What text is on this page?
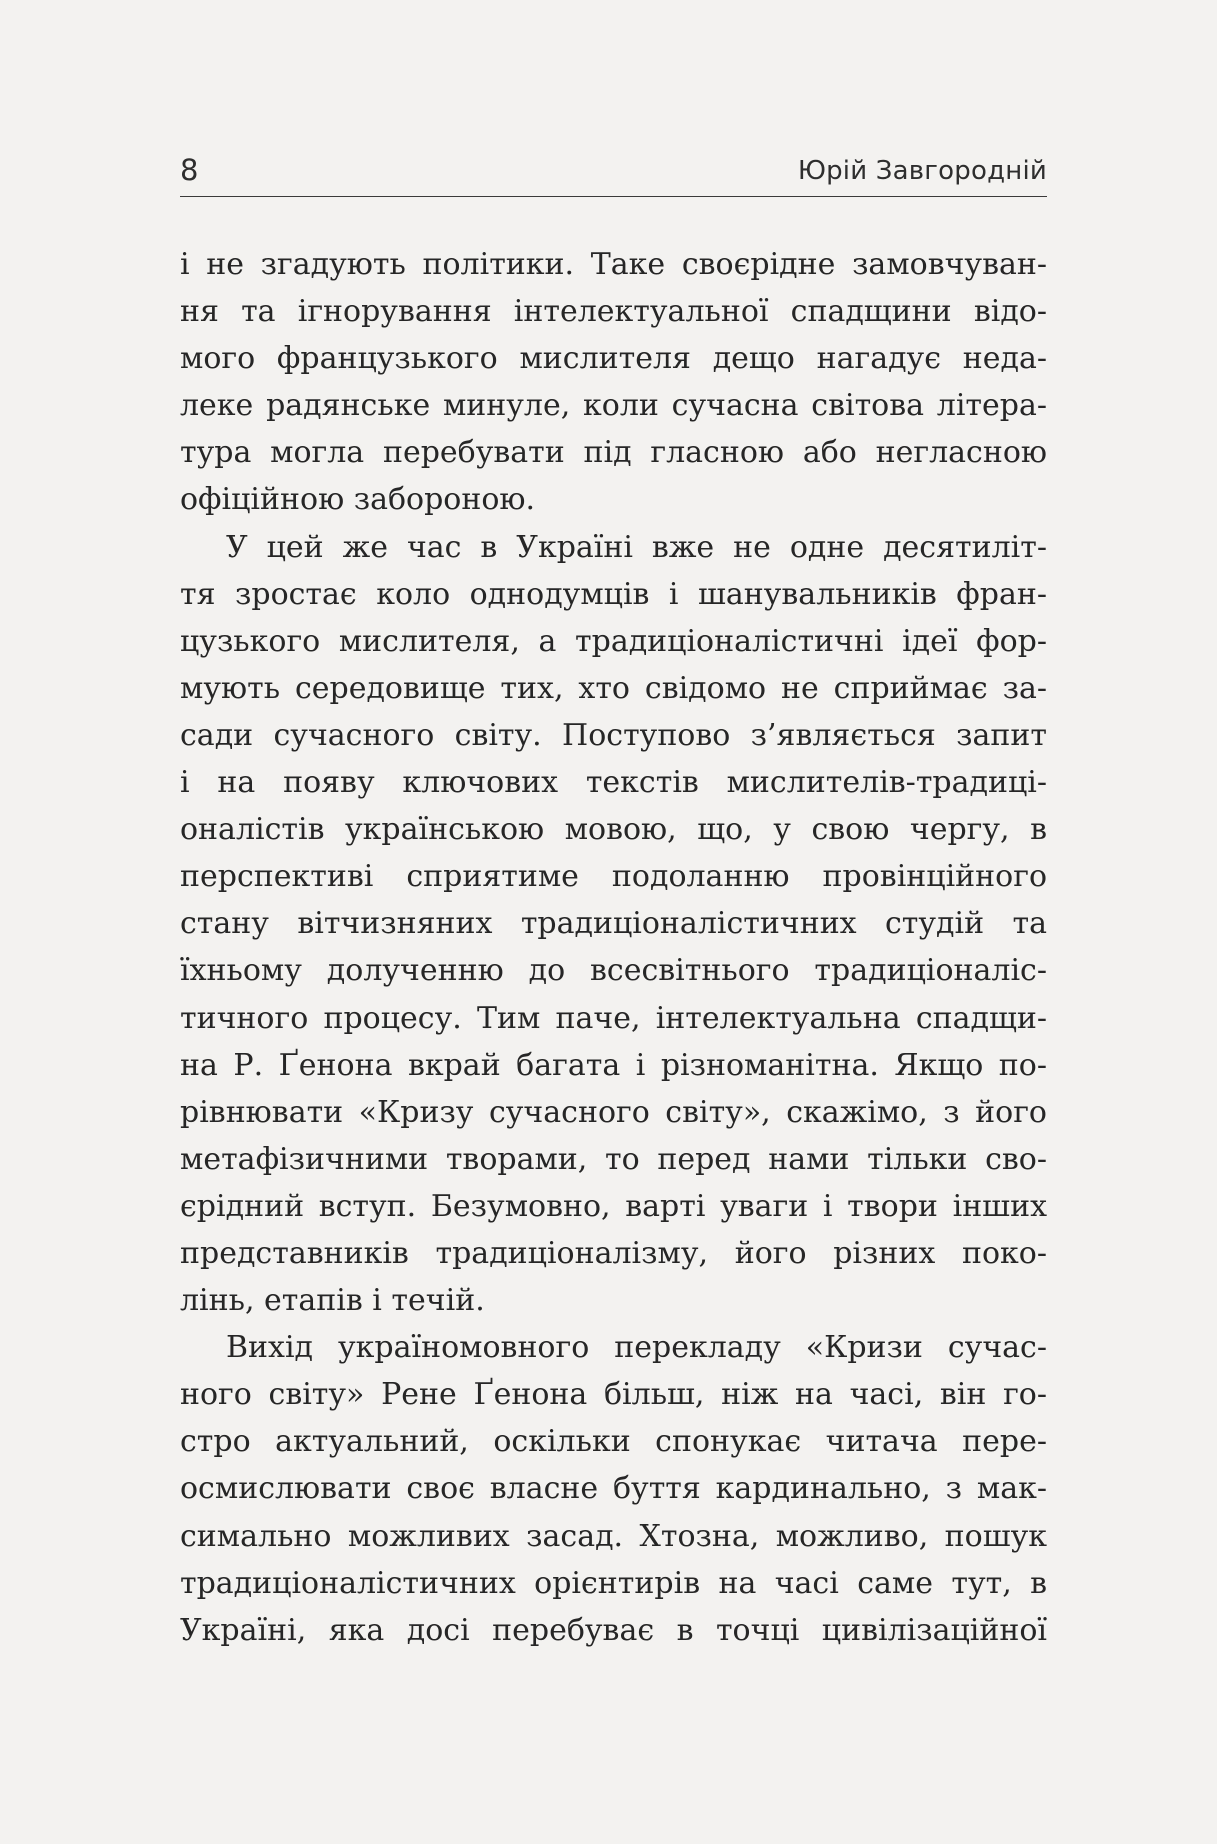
8	Юрій Завгородній
і не згадують політики. Таке своєрідне замовчуван-
ня та ігнорування інтелектуальної спадщини відо-
мого французького мислителя дещо нагадує неда-
леке радянське минуле, коли сучасна світова літера-
тура могла перебувати під гласною або негласною
офіційною забороною.
У цей же час в Україні вже не одне десятиліт-
тя зростає коло однодумців і шанувальників фран-
цузького мислителя, а традиціоналістичні ідеї фор-
мують середовище тих, хто свідомо не сприймає за-
сади сучасного світу. Поступово з’являється запит
і на появу ключових текстів мислителів-традиці-
оналістів українською мовою, що, у свою чергу, в
перспективі сприятиме подоланню провінційного
стану вітчизняних традиціоналістичних студій та
їхньому долученню до всесвітнього традиціоналіс-
тичного процесу. Тим паче, інтелектуальна спадщи-
на Р. Ґенона вкрай багата і різноманітна. Якщо по-
рівнювати «Кризу сучасного світу», скажімо, з його
метафізичними творами, то перед нами тільки сво-
єрідний вступ. Безумовно, варті уваги і твори інших
представників традиціоналізму, його різних поко-
лінь, етапів і течій.
Вихід україномовного перекладу «Кризи сучас-
ного світу» Рене Ґенона більш, ніж на часі, він го-
стро актуальний, оскільки спонукає читача пере-
осмислювати своє власне буття кардинально, з мак-
симально можливих засад. Хтозна, можливо, пошук
традиціоналістичних орієнтирів на часі саме тут, в
Україні, яка досі перебуває в точці цивілізаційної
